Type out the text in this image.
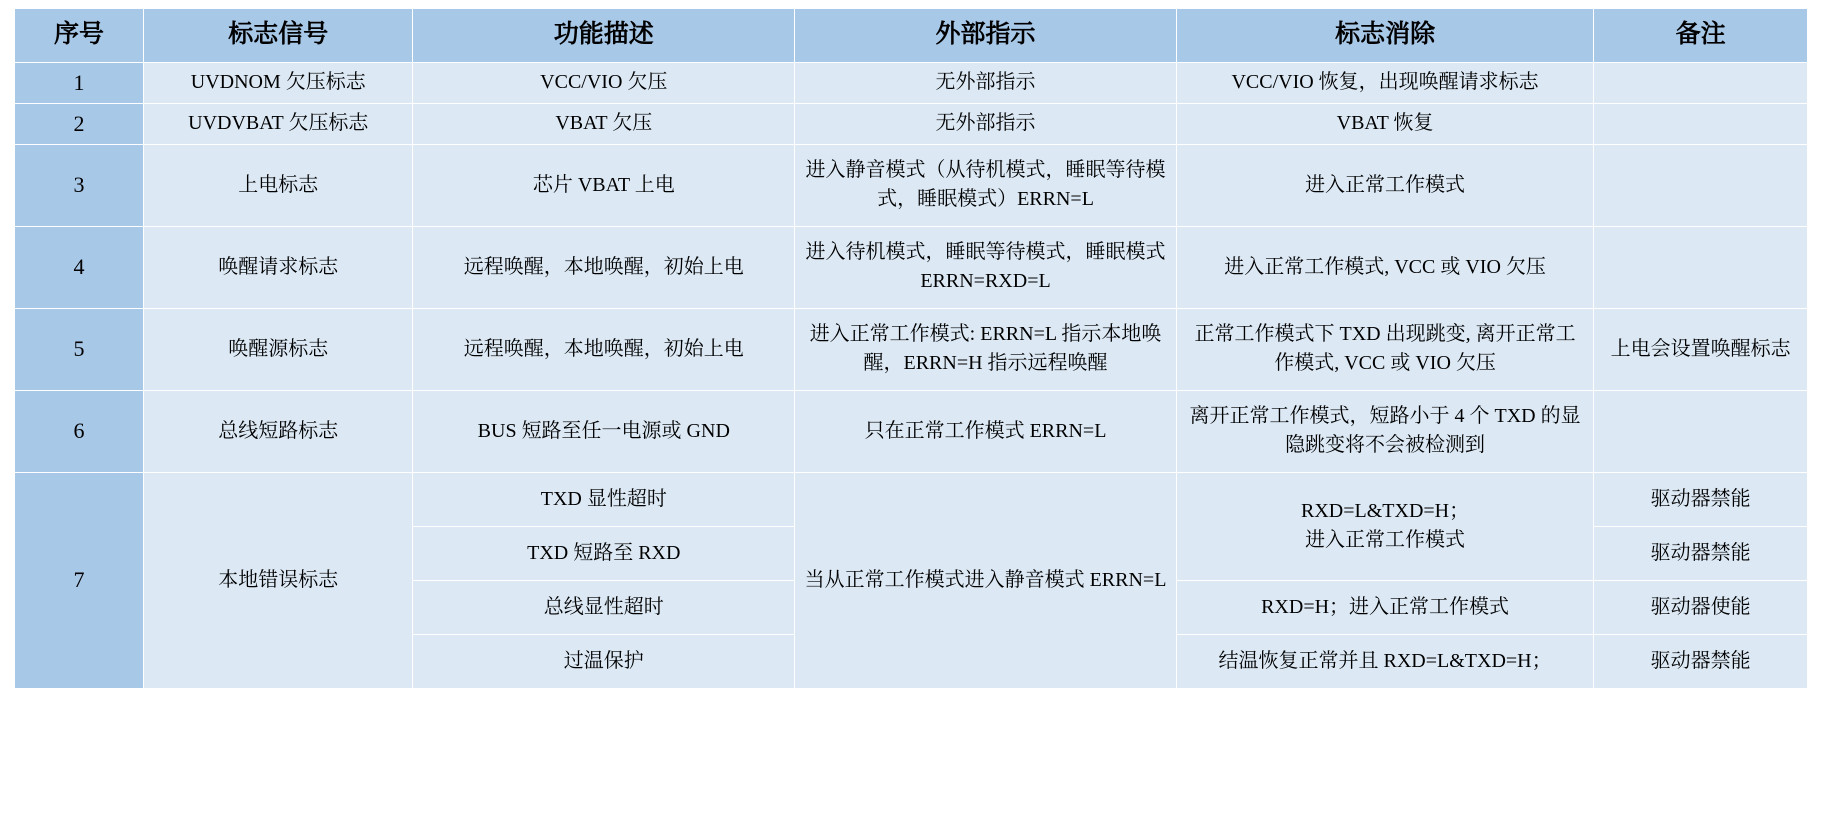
序号	标志信号	功能描述	外部指示	标志消除	备注
1	UVDNOM 欠压标志	VCC/VIO 欠压	无外部指示	VCC/VIO 恢复，出现唤醒请求标志	
2	UVDVBAT 欠压标志	VBAT 欠压	无外部指示	VBAT 恢复	
3	上电标志	芯片 VBAT 上电	进入静音模式（从待机模式，睡眠等待模式，睡眠模式）ERRN=L	进入正常工作模式	
4	唤醒请求标志	远程唤醒，本地唤醒，初始上电	进入待机模式，睡眠等待模式，睡眠模式 ERRN=RXD=L	进入正常工作模式, VCC 或 VIO 欠压	
5	唤醒源标志	远程唤醒，本地唤醒，初始上电	进入正常工作模式: ERRN=L 指示本地唤醒，ERRN=H 指示远程唤醒	正常工作模式下 TXD 出现跳变, 离开正常工作模式, VCC 或 VIO 欠压	上电会设置唤醒标志
6	总线短路标志	BUS 短路至任一电源或 GND	只在正常工作模式 ERRN=L	离开正常工作模式，短路小于 4 个 TXD 的显隐跳变将不会被检测到	
7	本地错误标志	TXD 显性超时	当从正常工作模式进入静音模式 ERRN=L	RXD=L&TXD=H；
进入正常工作模式	驱动器禁能
		TXD 短路至 RXD			驱动器禁能
		总线显性超时		RXD=H；进入正常工作模式	驱动器使能
		过温保护		结温恢复正常并且 RXD=L&TXD=H；	驱动器禁能
